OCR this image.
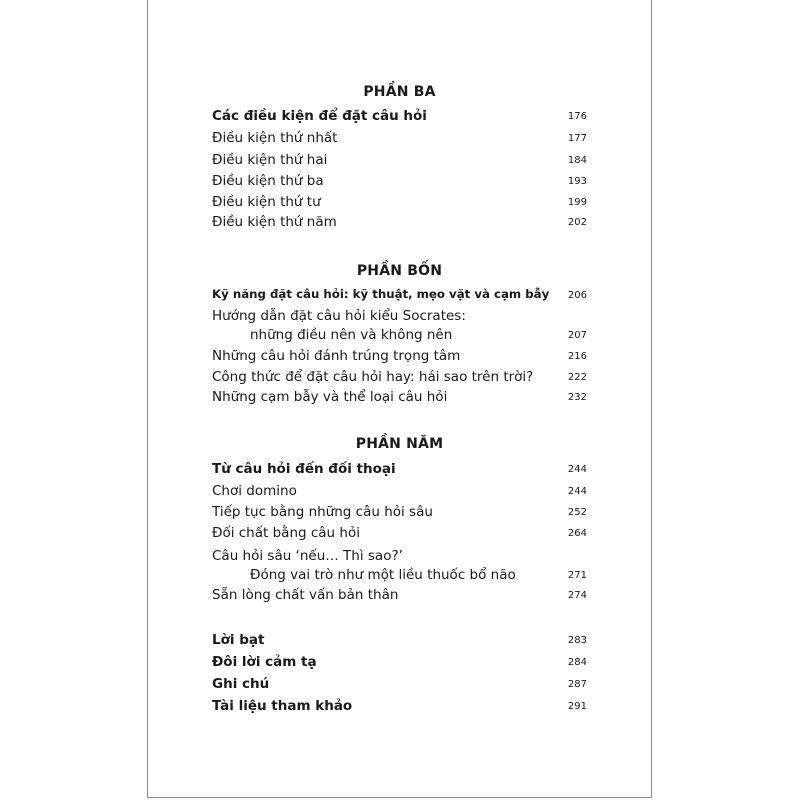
PHẦN BA
Các điều kiện để đặt câu hỏi	176
Điều kiện thứ nhất	177
Điều kiện thứ hai	184
Điều kiện thứ ba	193
Điều kiện thứ tư	199
Điều kiện thứ năm	202
PHẦN BỐN
Kỹ năng đặt câu hỏi: kỹ thuật, mẹo vặt và cạm bẫy 206
Hướng dẫn đặt câu hỏi kiểu Socrates:
những điều nên và không nên	207
Những câu hỏi đánh trúng trọng tâm	216
Công thức để đặt câu hỏi hay: hái sao trên trời?	222
Những cạm bẫy và thể loại câu hỏi	232
PHẦN NĂM
Từ câu hỏi đến đối thoại	244
Chơi domino	244
Tiếp tục bằng những câu hỏi sâu	252
Đối chất bằng câu hỏi	264
Câu hỏi sâu ‘nếu… Thì sao?’
Đóng vai trò như một liều thuốc bổ não	271
Sẵn lòng chất vấn bản thân	274
Lời bạt	283
Đôi lời cảm tạ	284
Ghi chú	287
Tài liệu tham khảo	291
